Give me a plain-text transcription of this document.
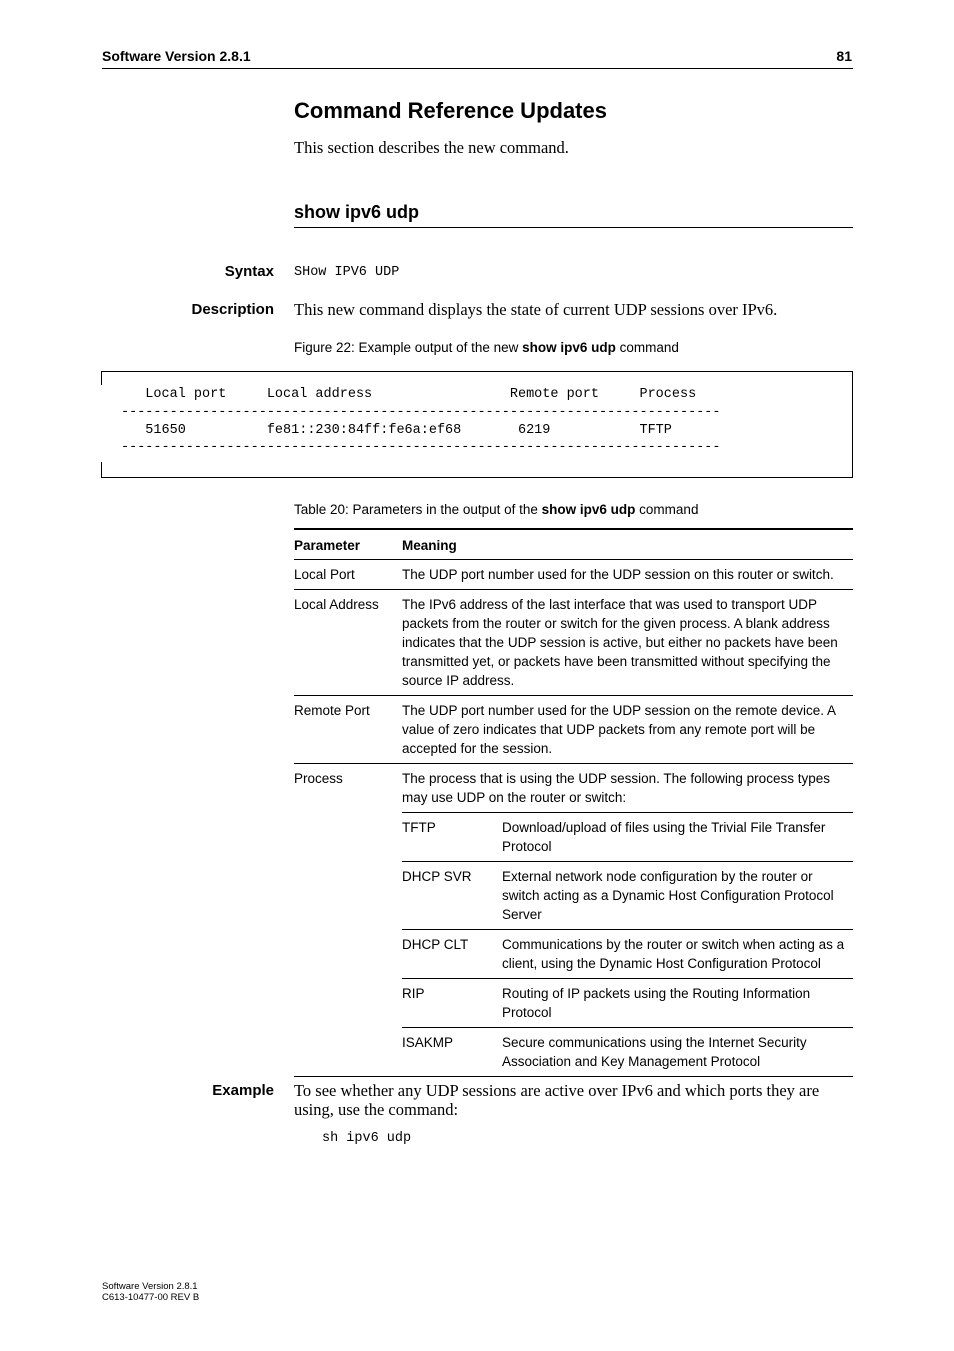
Software Version 2.8.1	81
Command Reference Updates
This section describes the new command.
show ipv6 udp
Syntax SHow IPV6 UDP
Description This new command displays the state of current UDP sessions over IPv6.
Figure 22: Example output of the new show ipv6 udp command
Local port     Local address                 Remote port     Process
--------------------------------------------------------------------------
51650          fe81::230:84ff:fe6a:ef68       6219           TFTP
--------------------------------------------------------------------------
Table 20: Parameters in the output of the show ipv6 udp command
Parameter	Meaning
Local Port	The UDP port number used for the UDP session on this router or switch.
Local Address	The IPv6 address of the last interface that was used to transport UDP packets from the router or switch for the given process. A blank address indicates that the UDP session is active, but either no packets have been transmitted yet, or packets have been transmitted without specifying the source IP address.
Remote Port	The UDP port number used for the UDP session on the remote device. A value of zero indicates that UDP packets from any remote port will be accepted for the session.
Process	The process that is using the UDP session. The following process types may use UDP on the router or switch:
TFTP	Download/upload of files using the Trivial File Transfer Protocol
DHCP SVR	External network node configuration by the router or switch acting as a Dynamic Host Configuration Protocol Server
DHCP CLT	Communications by the router or switch when acting as a client, using the Dynamic Host Configuration Protocol
RIP	Routing of IP packets using the Routing Information Protocol
ISAKMP	Secure communications using the Internet Security Association and Key Management Protocol
Example To see whether any UDP sessions are active over IPv6 and which ports they are using, use the command:
sh ipv6 udp
Software Version 2.8.1
C613-10477-00 REV B
